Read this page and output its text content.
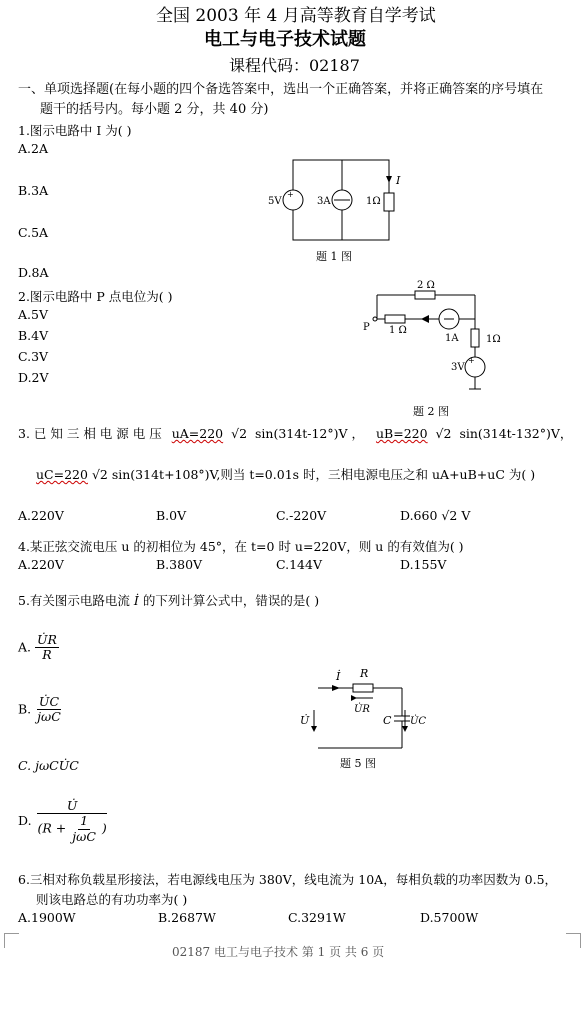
全国 2003 年 4 月高等教育自学考试
电工与电子技术试题
课程代码：02187
一、单项选择题(在每小题的四个备选答案中，选出一个正确答案，并将正确答案的序号填在
题干的括号内。每小题 2 分，共 40 分)
1.图示电路中 I 为( )
A.2A
B.3A
C.5A
D.8A
+
5V	3A	1Ω
I
题 1 图
2.图示电路中 P 点电位为( )
A.5V
B.4V
C.3V
D.2V
2 Ω
1 Ω
P
1A	1Ω
3V
+
题 2 图
3. 已 知 三 相 电 源 电 压 uA=220 √2 sin(314t-12°)V ， uB=220 √2 sin(314t-132°)V，
uC=220 √2 sin(314t+108°)V,则当 t=0.01s 时，三相电源电压之和 uA+uB+uC 为( )
A.220V	B.0V	C.-220V	D.660 √2 V
4.某正弦交流电压 u 的初相位为 45°，在 t=0 时 u=220V，则 u 的有效值为( )
A.220V	B.380V	C.144V	D.155V
5.有关图示电路电流 İ 的下列计算公式中，错误的是( )
A. $\frac{U̇R}{R}$
B. $\frac{U̇C}{\text{jωC}}$
C. jωCU̇C
D. $\frac{U̇}{(R + \frac{1}{\text{jωC}} )}$
İ R
U̇R
U̇	C U̇C
题 5 图
6.三相对称负载星形接法，若电源线电压为 380V，线电流为 10A，每相负载的功率因数为 0.5，
则该电路总的有功功率为( )
A.1900W	B.2687W	C.3291W	D.5700W
02187 电工与电子技术 第 1 页 共 6 页
